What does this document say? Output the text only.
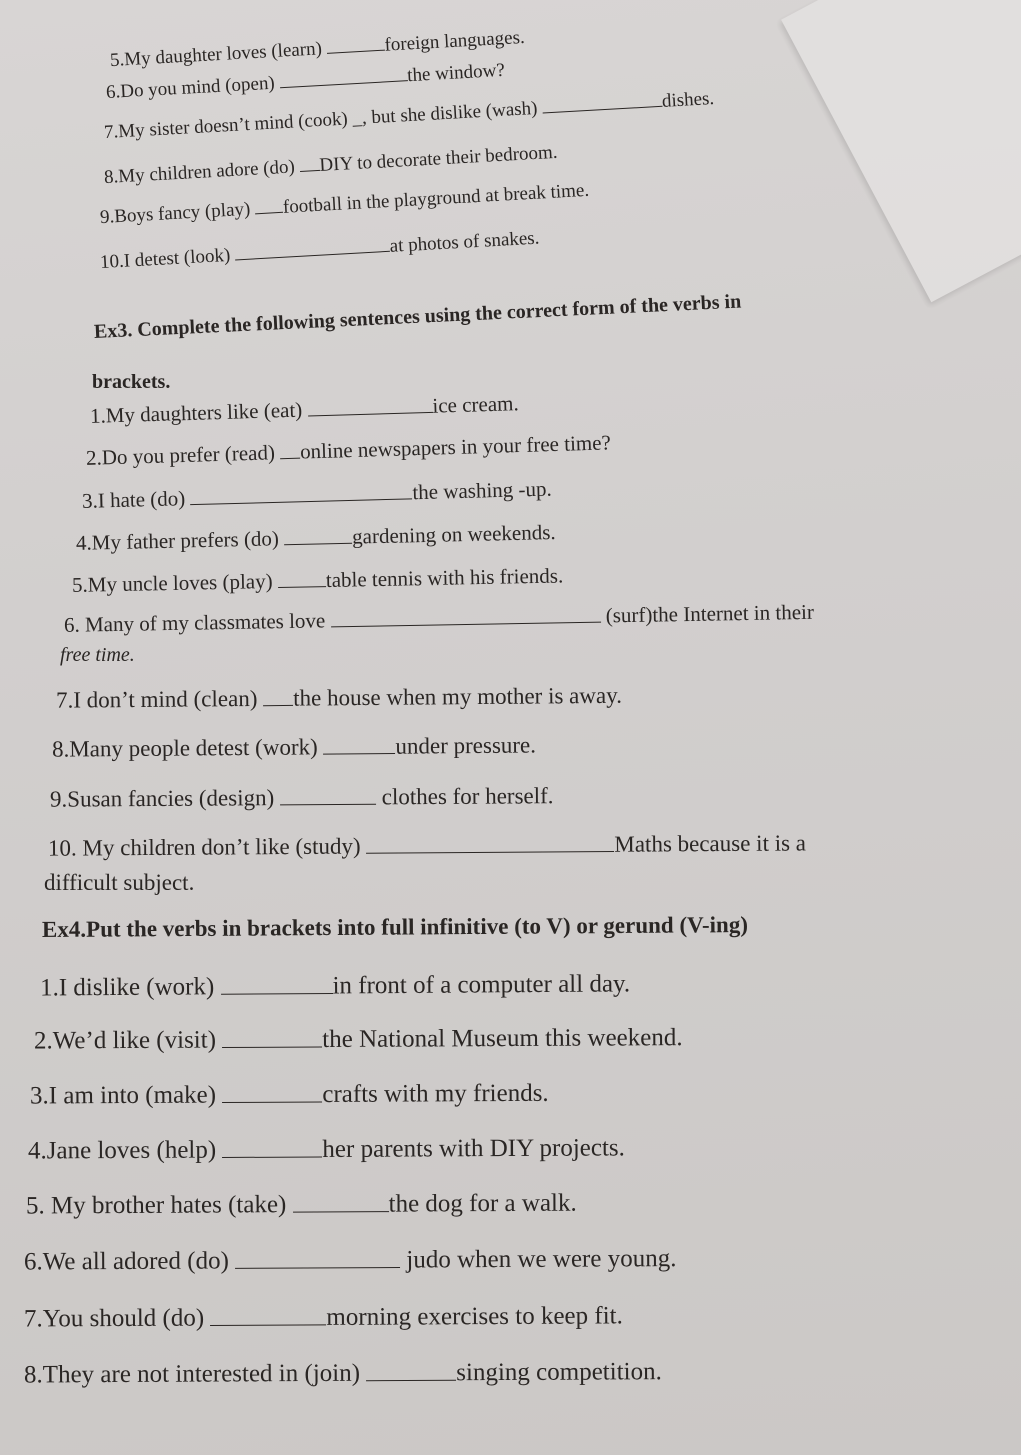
5.My daughter loves (learn)	foreign languages.
6.Do you mind (open)	the window?
7.My sister doesn’t mind (cook) _, but she dislike (wash)	dishes.
8.My children adore (do) DIY to decorate their bedroom.
9.Boys fancy (play) football in the playground at break time.
10.I detest (look) at photos of snakes.
Ex3. Complete the following sentences using the correct form of the verbs in
brackets.
1.My daughters like (eat)	ice cream.
2.Do you prefer (read) online newspapers in your free time?
3.I hate (do)	the washing -up.
4.My father prefers (do)	gardening on weekends.
5.My uncle loves (play)	table tennis with his friends.
6. Many of my classmates love	(surf)the Internet in their
free time.
7.I don’t mind (clean) the house when my mother is away.
8.Many people detest (work)	under pressure.
9.Susan fancies (design)	clothes for herself.
10. My children don’t like (study)	Maths because it is a
difficult subject.
Ex4.Put the verbs in brackets into full infinitive (to V) or gerund (V-ing)
1.I dislike (work)	in front of a computer all day.
2.We’d like (visit)	the National Museum this weekend.
3.I am into (make)	crafts with my friends.
4.Jane loves (help)	her parents with DIY projects.
5. My brother hates (take)	the dog for a walk.
6.We all adored (do)	judo when we were young.
7.You should (do)	morning exercises to keep fit.
8.They are not interested in (join)	singing competition.
